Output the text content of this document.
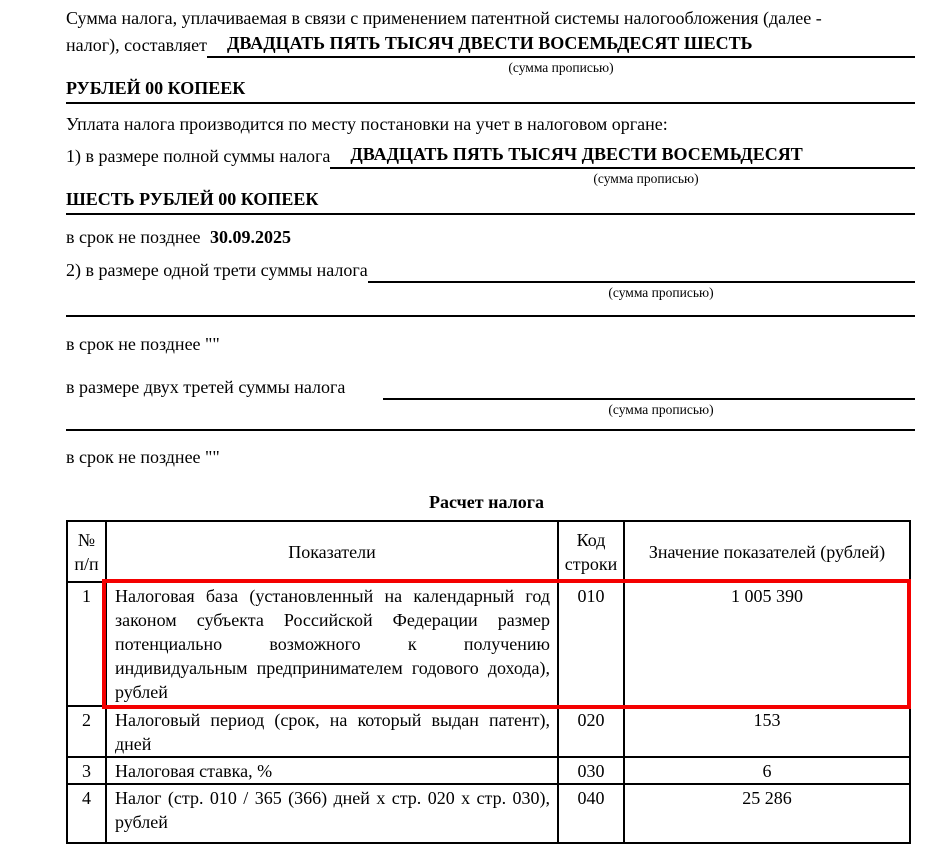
Сумма налога, уплачиваемая в связи с применением патентной системы налогообложения (далее -
налог), составляет	ДВАДЦАТЬ ПЯТЬ ТЫСЯЧ ДВЕСТИ ВОСЕМЬДЕСЯТ ШЕСТЬ
(сумма прописью)
РУБЛЕЙ 00 КОПЕЕК
Уплата налога производится по месту постановки на учет в налоговом органе:
1) в размере полной суммы налога	ДВАДЦАТЬ ПЯТЬ ТЫСЯЧ ДВЕСТИ ВОСЕМЬДЕСЯТ
(сумма прописью)
ШЕСТЬ РУБЛЕЙ 00 КОПЕЕК
в срок не позднее 30.09.2025
2) в размере одной трети суммы налога
(сумма прописью)
в срок не позднее ""
в размере двух третей суммы налога
(сумма прописью)
в срок не позднее ""
Расчет налога
№ п/п	Показатели	Код строки	Значение показателей (рублей)
1	Налоговая база (установленный на календарный год законом субъекта Российской Федерации размер потенциально возможного к получению индивидуальным предпринимателем годового дохода), рублей	010	1 005 390
2	Налоговый период (срок, на который выдан патент), дней	020	153
3	Налоговая ставка, %	030	6
4	Налог (стр. 010 / 365 (366) дней х стр. 020 х стр. 030), рублей	040	25 286
